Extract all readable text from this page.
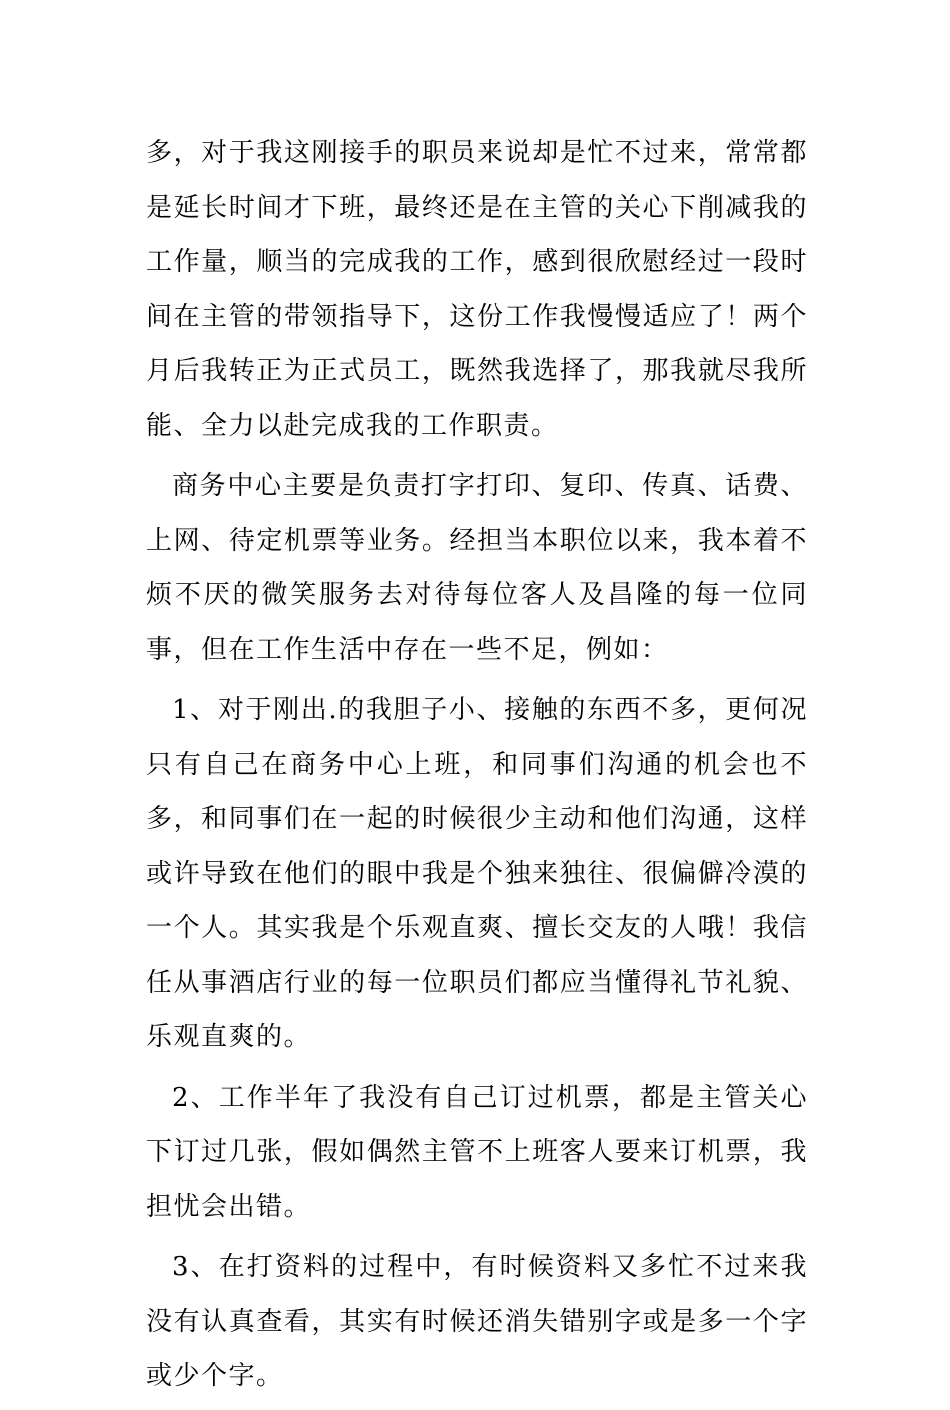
多，对于我这刚接手的职员来说却是忙不过来，常常都是延长时间才下班，最终还是在主管的关心下削减我的工作量，顺当的完成我的工作，感到很欣慰经过一段时间在主管的带领指导下，这份工作我慢慢适应了！两个月后我转正为正式员工，既然我选择了，那我就尽我所能、全力以赴完成我的工作职责。

商务中心主要是负责打字打印、复印、传真、话费、上网、待定机票等业务。经担当本职位以来，我本着不烦不厌的微笑服务去对待每位客人及昌隆的每一位同事，但在工作生活中存在一些不足，例如：

1、对于刚出.的我胆子小、接触的东西不多，更何况只有自己在商务中心上班，和同事们沟通的机会也不多，和同事们在一起的时候很少主动和他们沟通，这样或许导致在他们的眼中我是个独来独往、很偏僻冷漠的一个人。其实我是个乐观直爽、擅长交友的人哦！我信任从事酒店行业的每一位职员们都应当懂得礼节礼貌、乐观直爽的。

2、工作半年了我没有自己订过机票，都是主管关心下订过几张，假如偶然主管不上班客人要来订机票，我担忧会出错。

3、在打资料的过程中，有时候资料又多忙不过来我没有认真查看，其实有时候还消失错别字或是多一个字或少个字。
